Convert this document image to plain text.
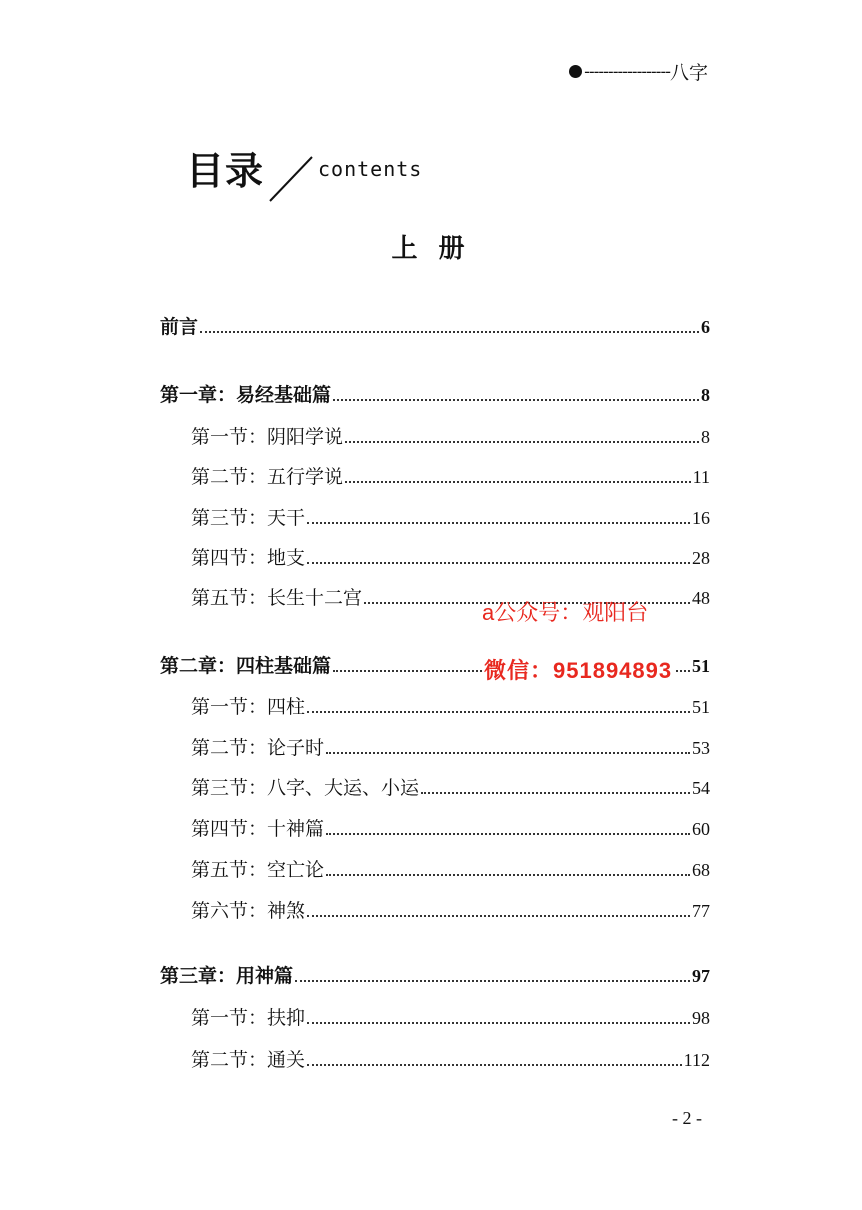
------------------ 八字
目录	contents
上 册
前言	6
第一章：易经基础篇	8
第一节：阴阳学说	8
第二节：五行学说	11
第三节：天干	16
第四节：地支	28
第五节：长生十二宫	48
第二章：四柱基础篇	51
第一节：四柱	51
第二节：论子时	53
第三节：八字、大运、小运	54
第四节：十神篇	60
第五节：空亡论	68
第六节：神煞	77
第三章：用神篇	97
第一节：扶抑	98
第二节：通关	112
a公众号：观阳台
微信：951894893
- 2 -
